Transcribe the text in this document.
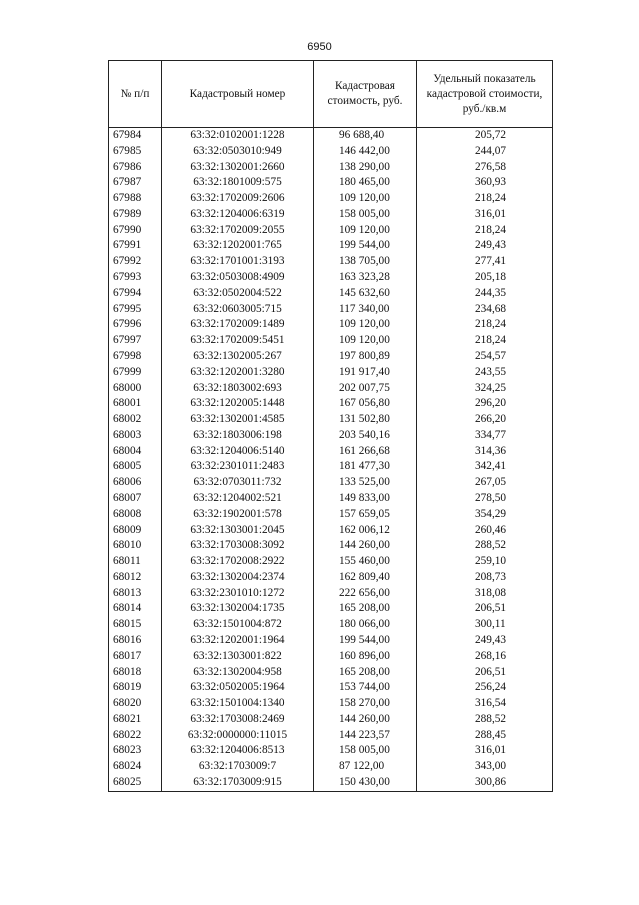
6950
№ п/п	Кадастровый номер	Кадастровая стоимость, руб.	Удельный показатель кадастровой стоимости, руб./кв.м
67984	63:32:0102001:1228	96 688,40	205,72
67985	63:32:0503010:949	146 442,00	244,07
67986	63:32:1302001:2660	138 290,00	276,58
67987	63:32:1801009:575	180 465,00	360,93
67988	63:32:1702009:2606	109 120,00	218,24
67989	63:32:1204006:6319	158 005,00	316,01
67990	63:32:1702009:2055	109 120,00	218,24
67991	63:32:1202001:765	199 544,00	249,43
67992	63:32:1701001:3193	138 705,00	277,41
67993	63:32:0503008:4909	163 323,28	205,18
67994	63:32:0502004:522	145 632,60	244,35
67995	63:32:0603005:715	117 340,00	234,68
67996	63:32:1702009:1489	109 120,00	218,24
67997	63:32:1702009:5451	109 120,00	218,24
67998	63:32:1302005:267	197 800,89	254,57
67999	63:32:1202001:3280	191 917,40	243,55
68000	63:32:1803002:693	202 007,75	324,25
68001	63:32:1202005:1448	167 056,80	296,20
68002	63:32:1302001:4585	131 502,80	266,20
68003	63:32:1803006:198	203 540,16	334,77
68004	63:32:1204006:5140	161 266,68	314,36
68005	63:32:2301011:2483	181 477,30	342,41
68006	63:32:0703011:732	133 525,00	267,05
68007	63:32:1204002:521	149 833,00	278,50
68008	63:32:1902001:578	157 659,05	354,29
68009	63:32:1303001:2045	162 006,12	260,46
68010	63:32:1703008:3092	144 260,00	288,52
68011	63:32:1702008:2922	155 460,00	259,10
68012	63:32:1302004:2374	162 809,40	208,73
68013	63:32:2301010:1272	222 656,00	318,08
68014	63:32:1302004:1735	165 208,00	206,51
68015	63:32:1501004:872	180 066,00	300,11
68016	63:32:1202001:1964	199 544,00	249,43
68017	63:32:1303001:822	160 896,00	268,16
68018	63:32:1302004:958	165 208,00	206,51
68019	63:32:0502005:1964	153 744,00	256,24
68020	63:32:1501004:1340	158 270,00	316,54
68021	63:32:1703008:2469	144 260,00	288,52
68022	63:32:0000000:11015	144 223,57	288,45
68023	63:32:1204006:8513	158 005,00	316,01
68024	63:32:1703009:7	87 122,00	343,00
68025	63:32:1703009:915	150 430,00	300,86
